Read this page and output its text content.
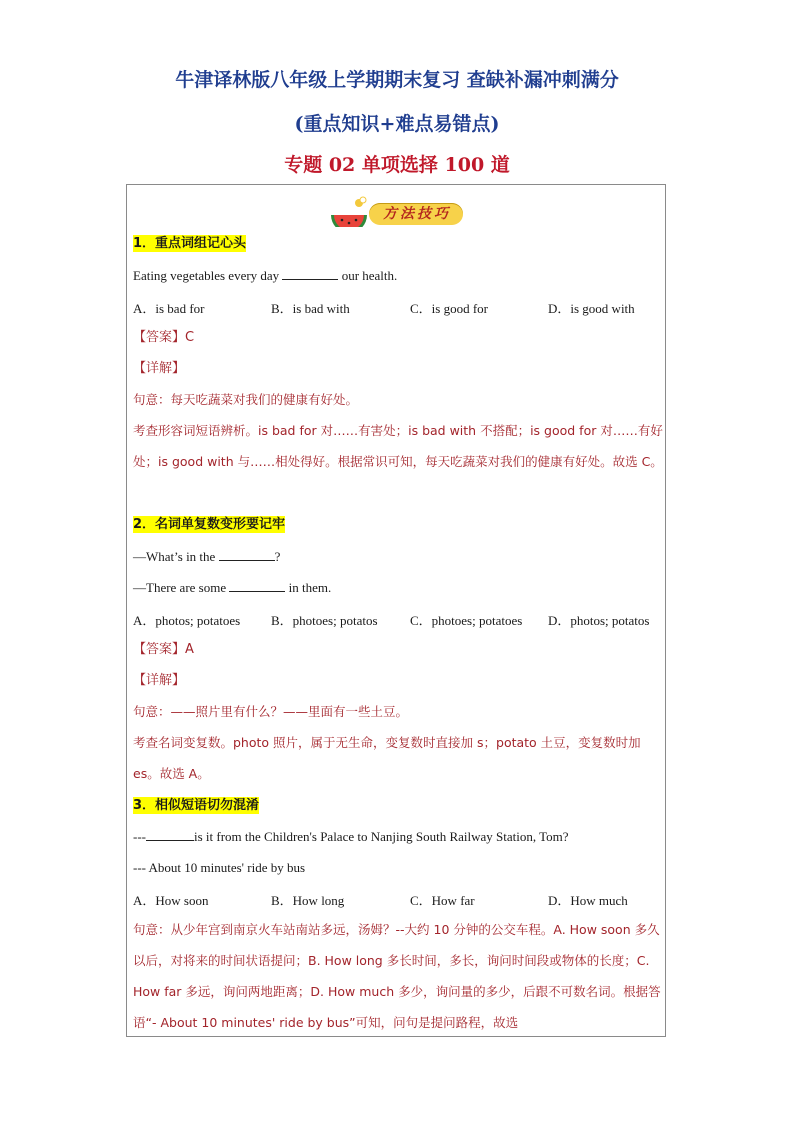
牛津译林版八年级上学期期末复习 查缺补漏冲刺满分
(重点知识+难点易错点)
专题 02 单项选择 100 道
方法技巧
1．重点词组记心头
Eating vegetables every day	our health.
A．is bad for	B．is bad with	C．is good for	D．is good with
【答案】C
【详解】
句意：每天吃蔬菜对我们的健康有好处。
考查形容词短语辨析。is bad for 对……有害处；is bad with 不搭配；is good for 对……有好处；is good with 与……相处得好。根据常识可知，每天吃蔬菜对我们的健康有好处。故选 C。
2．名词单复数变形要记牢
—What’s in the	?
—There are some	in them.
A．photos; potatoes B．photoes; potatos C．photoes; potatoes D．photos; potatos
【答案】A
【详解】
句意：——照片里有什么？——里面有一些土豆。
考查名词变复数。photo 照片，属于无生命，变复数时直接加 s；potato 土豆，变复数时加 es。故选 A。
3．相似短语切勿混淆
---	is it from the Children's Palace to Nanjing South Railway Station, Tom?
--- About 10 minutes' ride by bus
A．How soon	B．How long	C．How far	D．How much
句意：从少年宫到南京火车站南站多远，汤姆？--大约 10 分钟的公交车程。A. How soon 多久以后，对将来的时间状语提问；B. How long 多长时间，多长，询问时间段或物体的长度；C. How far 多远，询问两地距离；D. How much 多少，询问量的多少，后跟不可数名词。根据答语“- About 10 minutes' ride by bus”可知，问句是提问路程，故选
